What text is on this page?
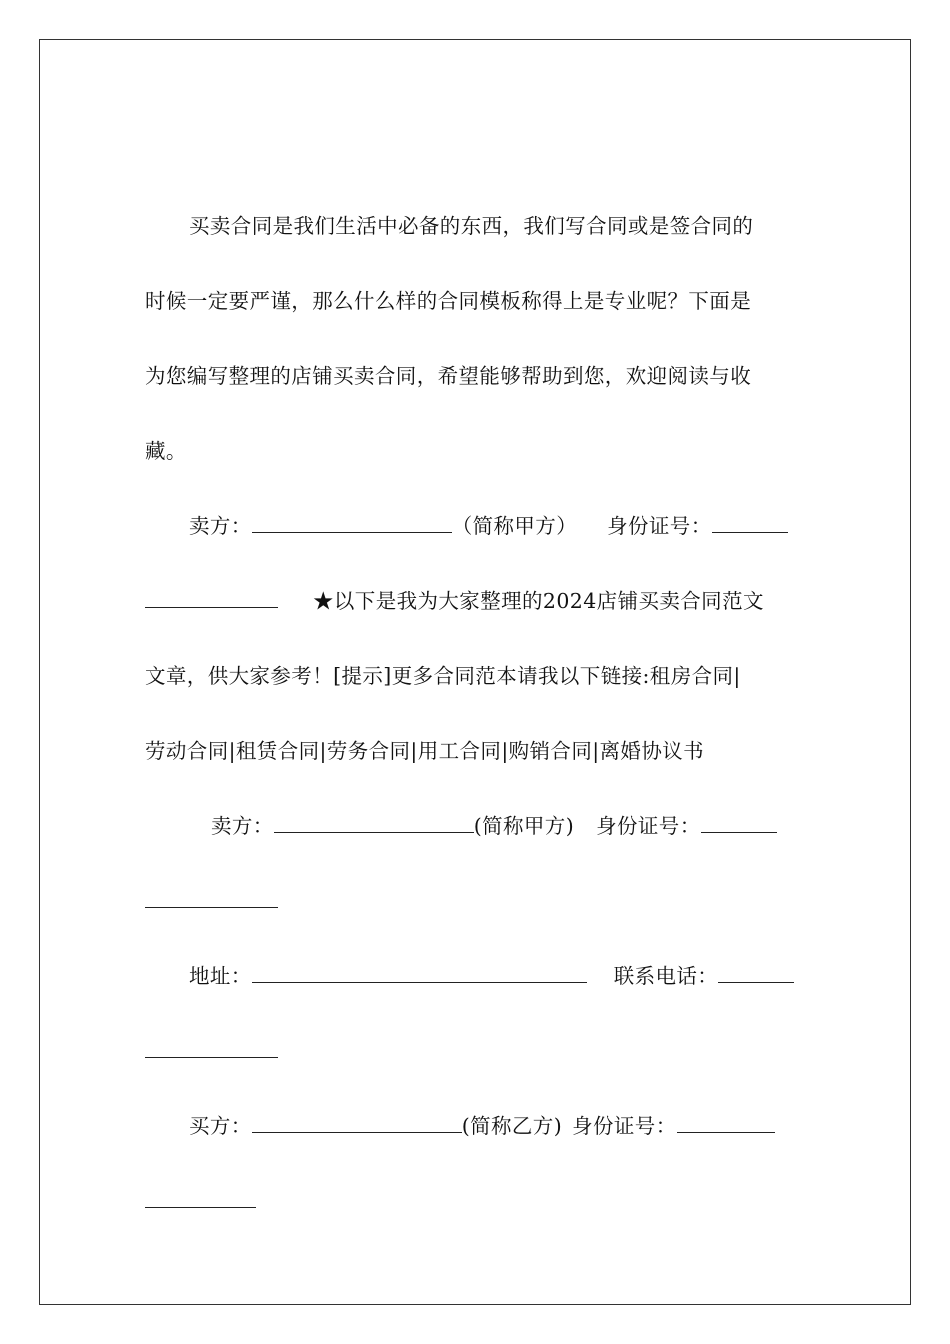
买卖合同是我们生活中必备的东西，我们写合同或是签合同的
时候一定要严谨，那么什么样的合同模板称得上是专业呢？下面是
为您编写整理的店铺买卖合同，希望能够帮助到您，欢迎阅读与收
藏。
卖方：	（简称甲方） 身份证号：
★以下是我为大家整理的2024店铺买卖合同范文
文章，供大家参考！[提示]更多合同范本请我以下链接:租房合同|
劳动合同|租赁合同|劳务合同|用工合同|购销合同|离婚协议书
卖方：	(简称甲方) 身份证号：
地址：	联系电话：
买方：	(简称乙方) 身份证号：
